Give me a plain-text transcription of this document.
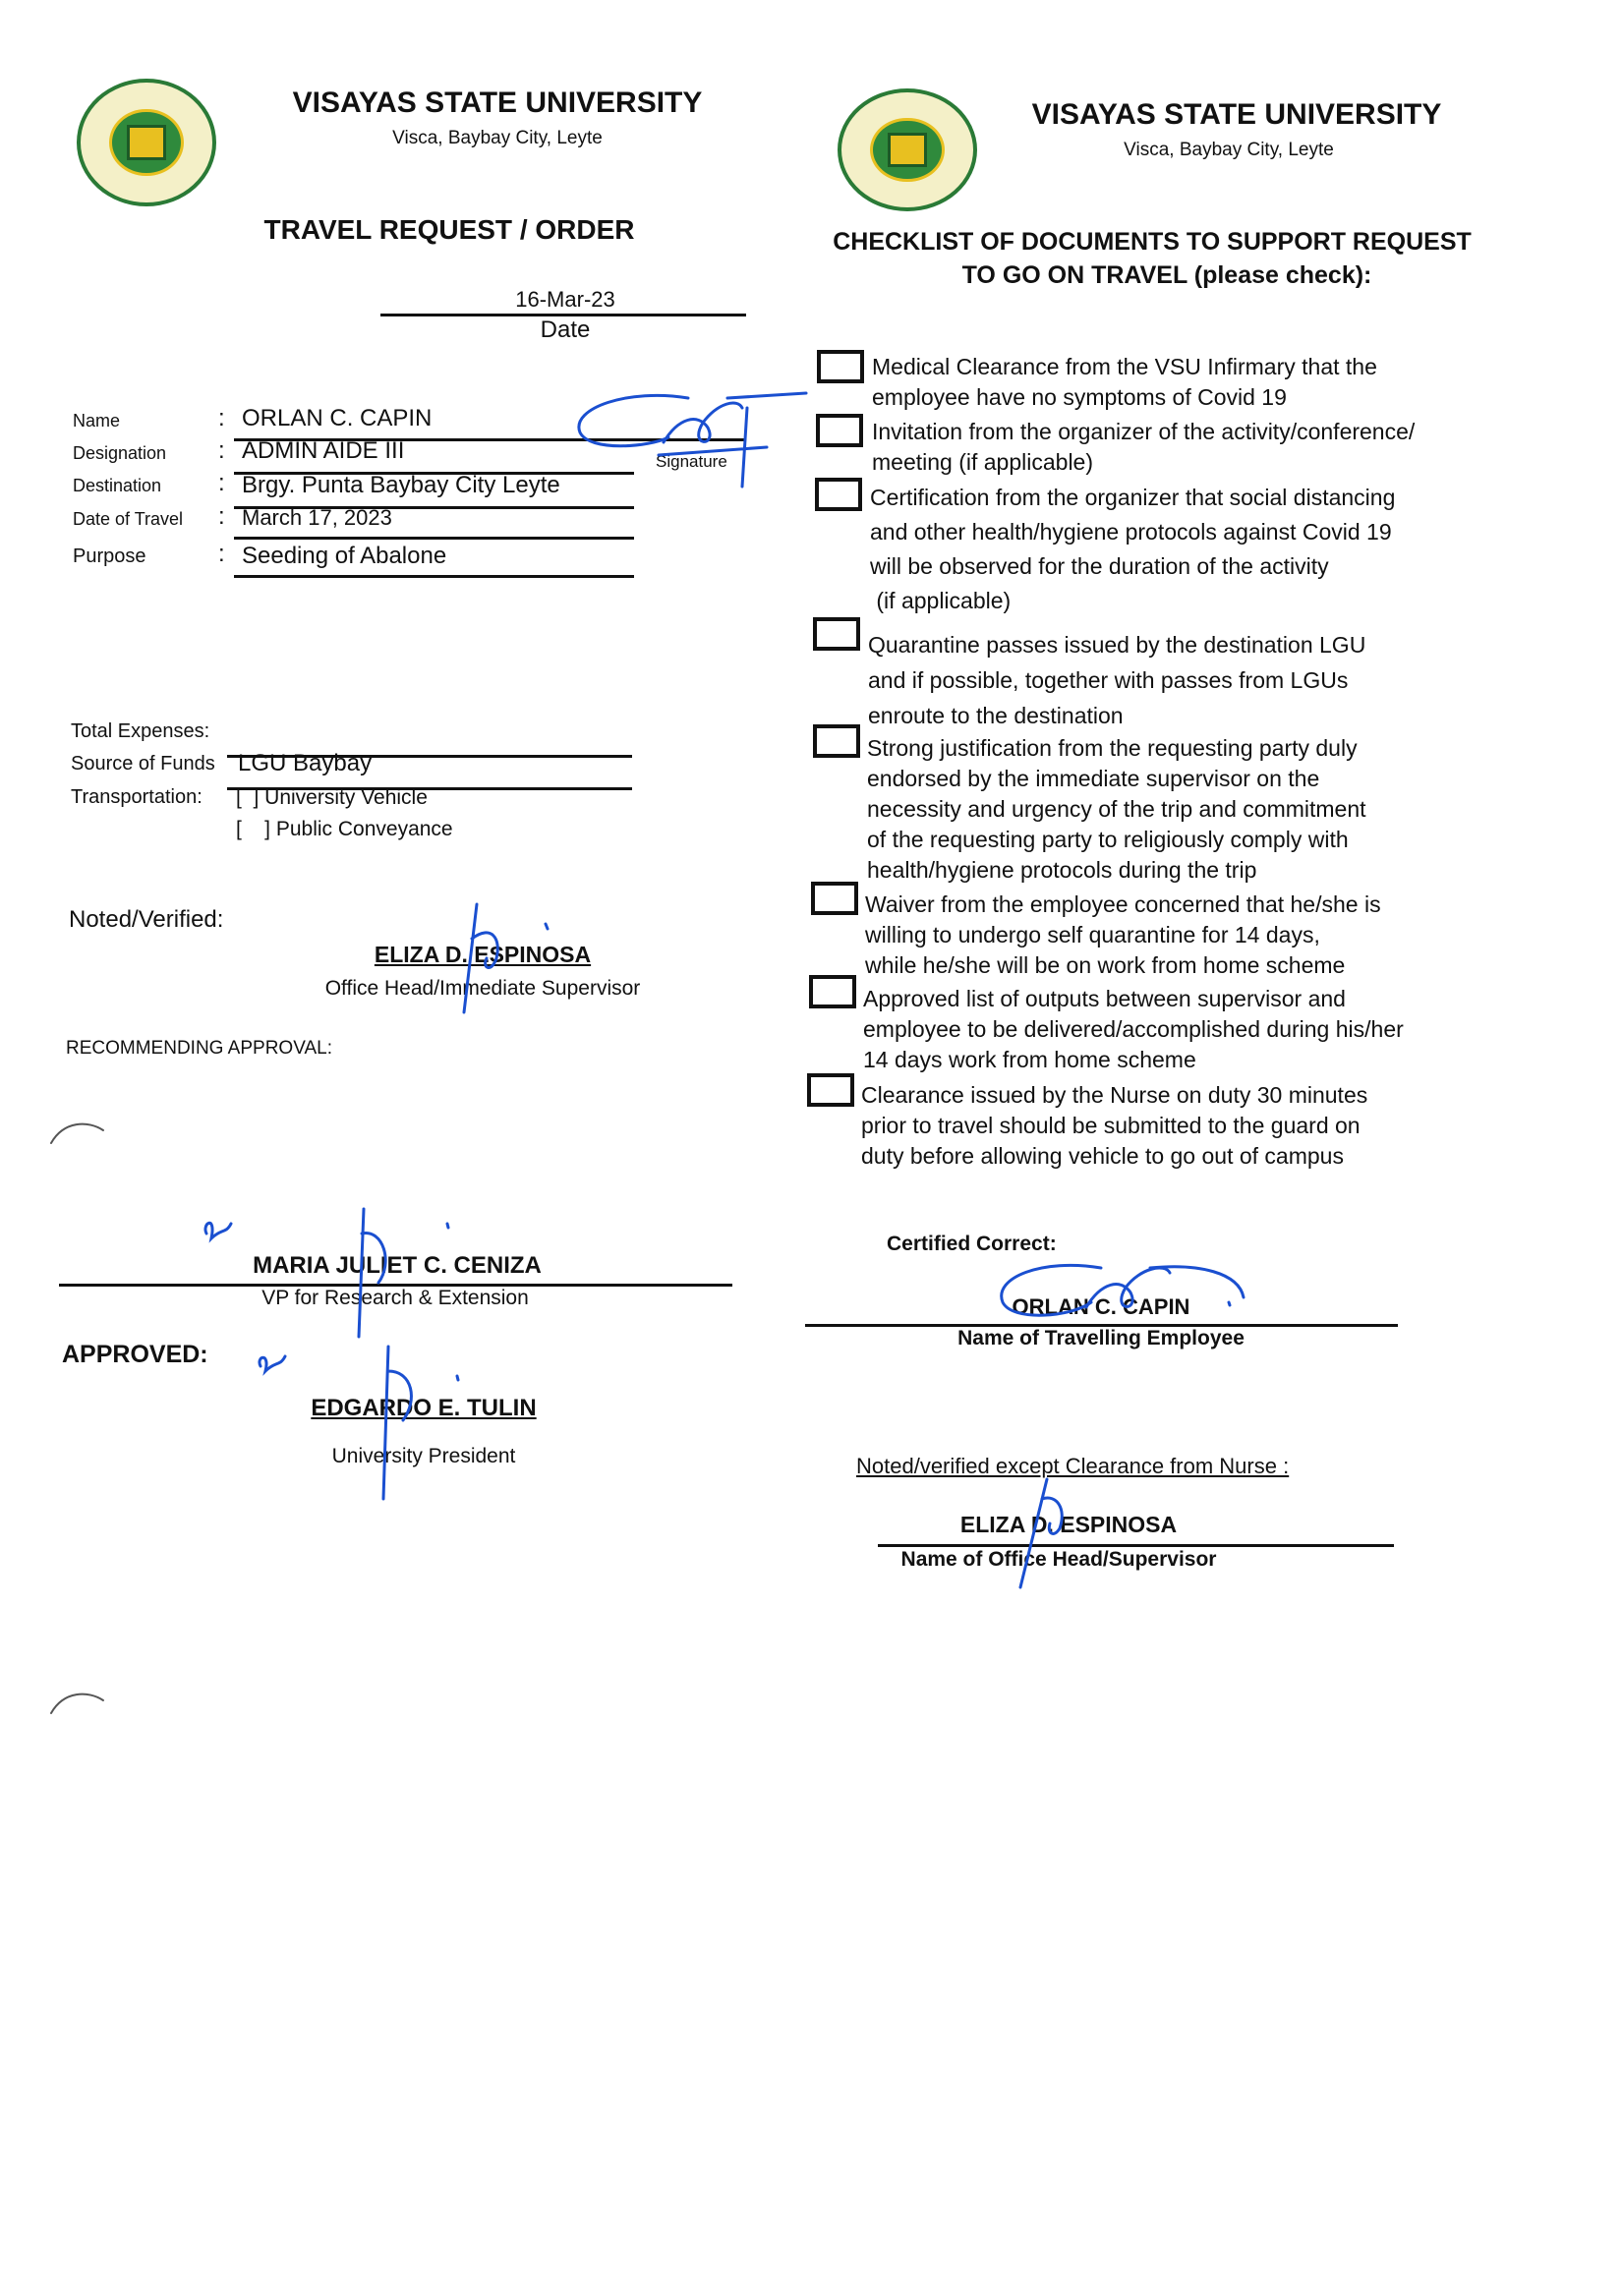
VISAYAS STATE UNIVERSITY
Visca, Baybay City, Leyte
TRAVEL REQUEST / ORDER
16-Mar-23
Date
Name	: ORLAN C. CAPIN
Designation : ADMIN AIDE III
Destination : Brgy. Punta Baybay City Leyte
Date of Travel : March 17, 2023
Purpose	: Seeding of Abalone
Signature
Total Expenses:
Source of Funds LGU Baybay
Transportation: [  ] University Vehicle
[    ] Public Conveyance
Noted/Verified:
ELIZA D. ESPINOSA
Office Head/Immediate Supervisor
RECOMMENDING APPROVAL:
MARIA JULIET C. CENIZA
VP for Research & Extension
APPROVED:
EDGARDO E. TULIN
University President
VISAYAS STATE UNIVERSITY
Visca, Baybay City, Leyte
CHECKLIST OF DOCUMENTS TO SUPPORT REQUEST
TO GO ON TRAVEL (please check):
Medical Clearance from the VSU Infirmary that the
employee have no symptoms of Covid 19
Invitation from the organizer of the activity/conference/
meeting (if applicable)
Certification from the organizer that social distancing
and other health/hygiene protocols against Covid 19
will be observed for the duration of the activity
(if applicable)
Quarantine passes issued by the destination LGU
and if possible, together with passes from LGUs
enroute to the destination
Strong justification from the requesting party duly
endorsed by the immediate supervisor on the
necessity and urgency of the trip and commitment
of the requesting party to religiously comply with
health/hygiene protocols during the trip
Waiver from the employee concerned that he/she is
willing to undergo self quarantine for 14 days,
while he/she will be on work from home scheme
Approved list of outputs between supervisor and
employee to be delivered/accomplished during his/her
14 days work from home scheme
Clearance issued by the Nurse on duty 30 minutes
prior to travel should be submitted to the guard on
duty before allowing vehicle to go out of campus
Certified Correct:
ORLAN C. CAPIN
Name of Travelling Employee
Noted/verified except Clearance from Nurse :
ELIZA D. ESPINOSA
Name of Office Head/Supervisor
